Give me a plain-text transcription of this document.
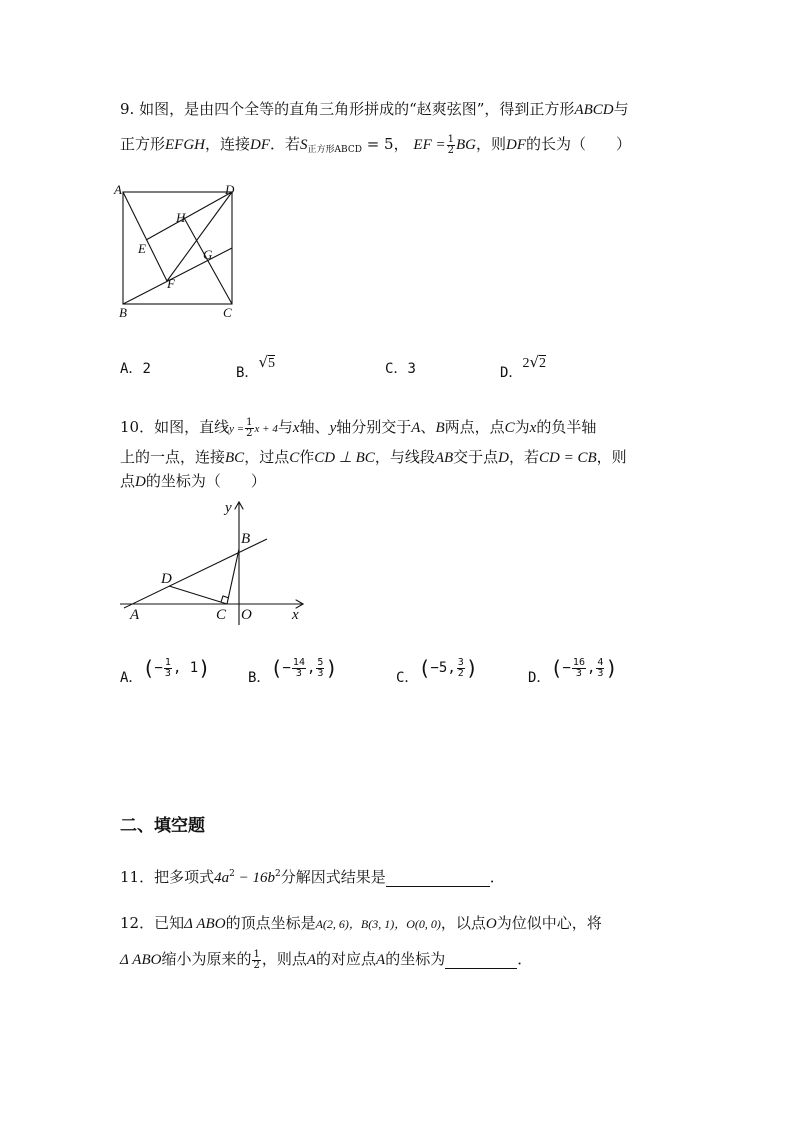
9. 如图，是由四个全等的直角三角形拼成的“赵爽弦图”，得到正方形ABCD与
正方形EFGH，连接DF．若$S_{正方形ABCD} = 5$， EF = $\frac{1}{2}$ BG，则DF的长为（　　）
A	D
H
E	G
F
B	C
A．2	B．√5	C．3	D．2√2
10．如图，直线$y = \frac{1}{2}$ x + 4与x轴、y轴分别交于A、B两点，点C为x的负半轴
上的一点，连接BC，过点C作CD ⊥ BC，与线段AB交于点D，若CD = CB，则
点D的坐标为（　　）
y
B
D
A	C O	x
A．(− $\frac{1}{3}$ , 1)	B．(− $\frac{14}{3}$ , $\frac{5}{3}$ )	C．(−5, $\frac{3}{2}$ )	D．(− $\frac{16}{3}$ , $\frac{4}{3}$ )
二、填空题
11．把多项式$4a^2 - 16b^2$分解因式结果是	．
12．已知Δ ABO的顶点坐标是A(2, 6)，B(3, 1)，O(0, 0)，以点O为位似中心，将
Δ ABO缩小为原来的 $\frac{1}{2}$ ，则点A的对应点A的坐标为	．
